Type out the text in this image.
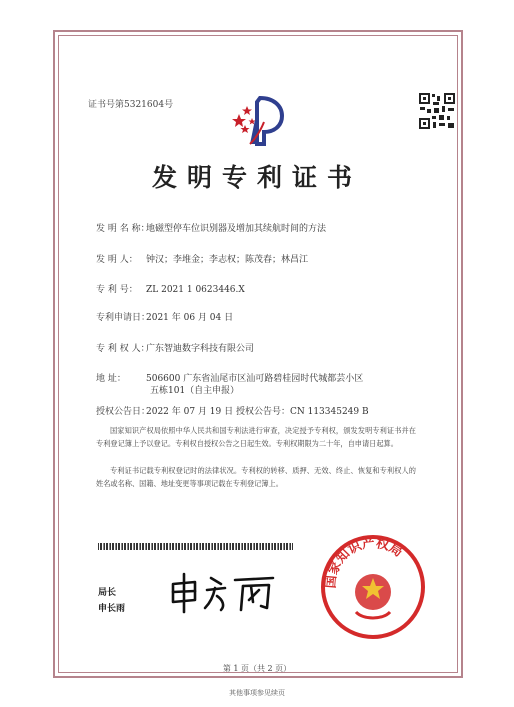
证书号第5321604号
发明专利证书
发 明 名 称：地磁型停车位识别器及增加其续航时间的方法
发 明 人： 钟汉；李堆金；李志权；陈茂春；林昌江
专 利 号： ZL 2021 1 0623446.X
专利申请日：2021 年 06 月 04 日
专 利 权 人：广东智迪数字科技有限公司
地 址： 506600 广东省汕尾市区汕可路碧桂园时代城都芸小区
五栋101（自主申报）
授权公告日：2022 年 07 月 19 日 授权公告号：CN 113345249 B
国家知识产权局依照中华人民共和国专利法进行审查，决定授予专利权，颁发发明专利证书并在专利登记簿上予以登记。专利权自授权公告之日起生效。专利权期限为二十年，自申请日起算。
专利证书记载专利权登记时的法律状况。专利权的转移、质押、无效、终止、恢复和专利权人的姓名或名称、国籍、地址变更等事项记载在专利登记簿上。
局长
申长雨
国家知识产权局
第 1 页（共 2 页）
其他事项参见续页
